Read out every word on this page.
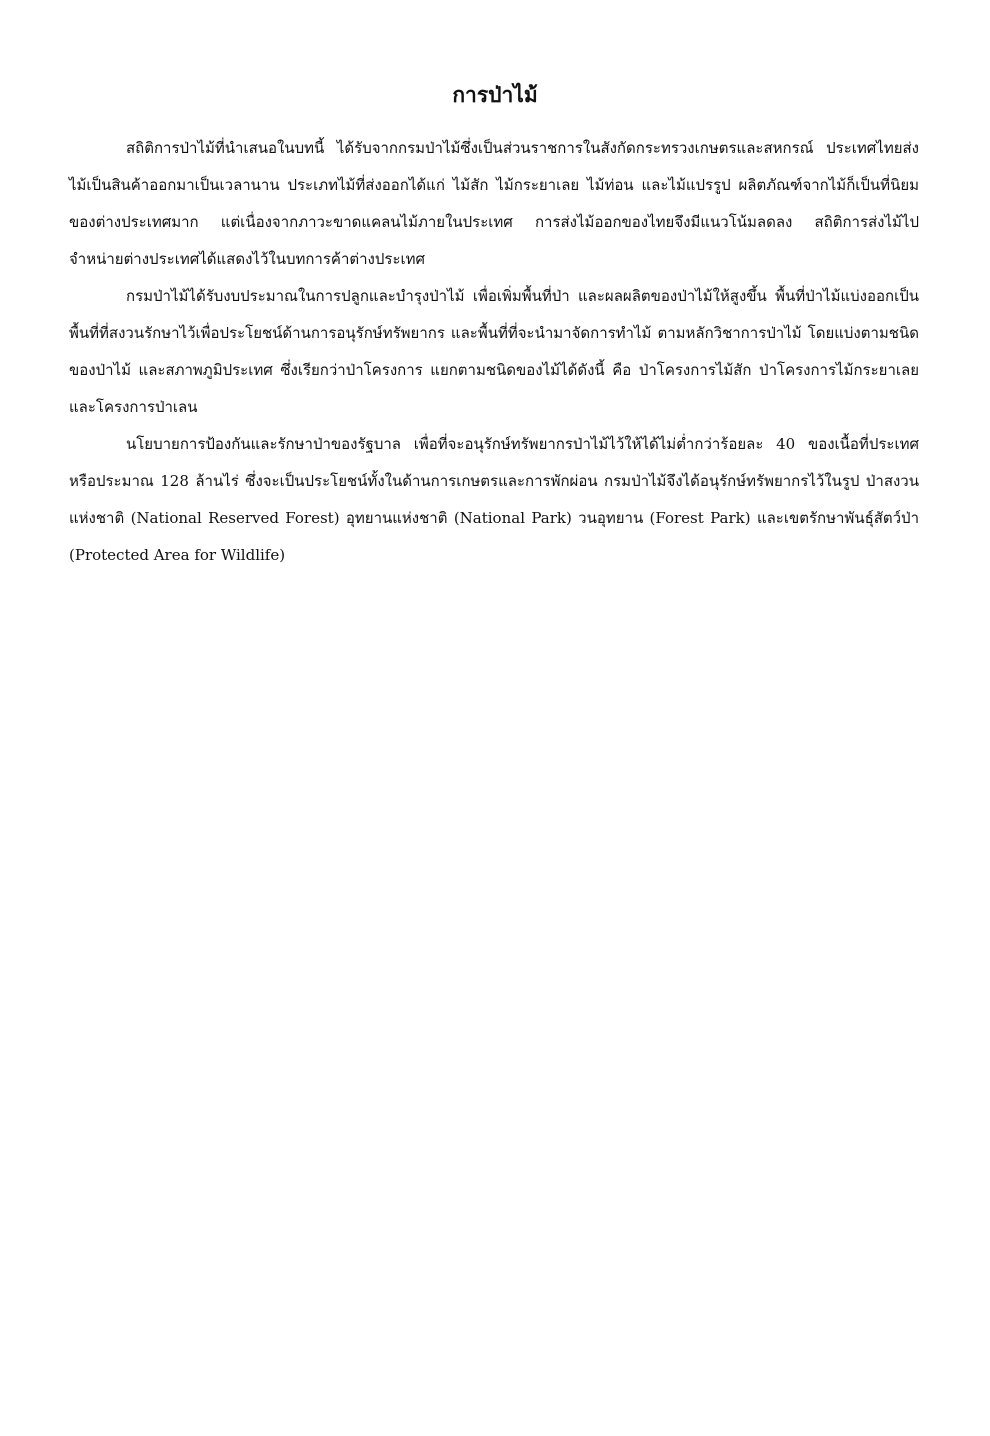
การป่าไม้

สถิติการป่าไม้ที่นำเสนอในบทนี้ ได้รับจากกรมป่าไม้ซึ่งเป็นส่วนราชการในสังกัดกระทรวงเกษตรและสหกรณ์ ประเทศไทยส่งไม้เป็นสินค้าออกมาเป็นเวลานาน ประเภทไม้ที่ส่งออกได้แก่ ไม้สัก ไม้กระยาเลย ไม้ท่อน และไม้แปรรูป ผลิตภัณฑ์จากไม้ก็เป็นที่นิยมของต่างประเทศมาก แต่เนื่องจากภาวะขาดแคลนไม้ภายในประเทศ การส่งไม้ออกของไทยจึงมีแนวโน้มลดลง สถิติการส่งไม้ไปจำหน่ายต่างประเทศได้แสดงไว้ในบทการค้าต่างประเทศ

กรมป่าไม้ได้รับงบประมาณในการปลูกและบำรุงป่าไม้ เพื่อเพิ่มพื้นที่ป่า และผลผลิตของป่าไม้ให้สูงขึ้น พื้นที่ป่าไม้แบ่งออกเป็น พื้นที่ที่สงวนรักษาไว้เพื่อประโยชน์ด้านการอนุรักษ์ทรัพยากร และพื้นที่ที่จะนำมาจัดการทำไม้ ตามหลักวิชาการป่าไม้ โดยแบ่งตามชนิดของป่าไม้ และสภาพภูมิประเทศ ซึ่งเรียกว่าป่าโครงการ แยกตามชนิดของไม้ได้ดังนี้ คือ ป่าโครงการไม้สัก ป่าโครงการไม้กระยาเลย และโครงการป่าเลน

นโยบายการป้องกันและรักษาป่าของรัฐบาล เพื่อที่จะอนุรักษ์ทรัพยากรป่าไม้ไว้ให้ได้ไม่ต่ำกว่าร้อยละ 40 ของเนื้อที่ประเทศหรือประมาณ 128 ล้านไร่ ซึ่งจะเป็นประโยชน์ทั้งในด้านการเกษตรและการพักผ่อน กรมป่าไม้จึงได้อนุรักษ์ทรัพยากรไว้ในรูป ป่าสงวนแห่งชาติ (National Reserved Forest) อุทยานแห่งชาติ (National Park) วนอุทยาน (Forest Park) และเขตรักษาพันธุ์สัตว์ป่า (Protected Area for Wildlife)
